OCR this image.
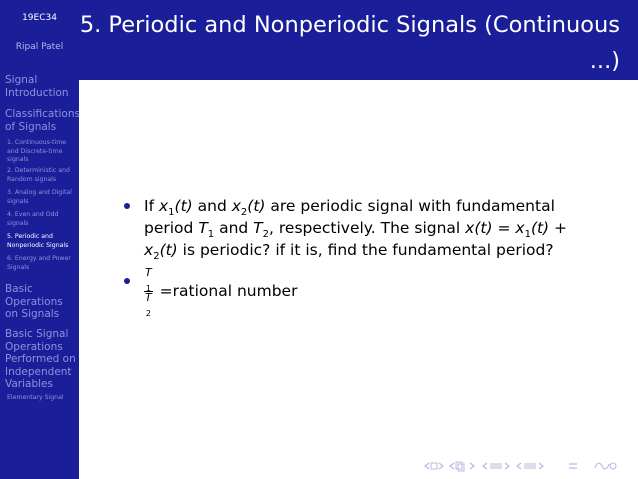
19EC34
Ripal Patel
Signal Introduction
Classifications of Signals
1. Continuous-time and Discrete-time signals
2. Deterministic and Random signals
3. Analog and Digital signals
4. Even and Odd signals
5. Periodic and Nonperiodic Signals
6. Energy and Power Signals
Basic Operations on Signals
Basic Signal Operations Performed on Independent Variables
Elementary Signal
5. Periodic and Nonperiodic Signals (Continuous
...)
If $x_1(t)$ and $x_2(t)$ are periodic signal with fundamental period $T_1$ and $T_2$, respectively. The signal $x(t) = x_1(t) + x_2(t)$ is periodic? if it is, find the fundamental period?
T
$_1$
T
$_2$ =rational number
